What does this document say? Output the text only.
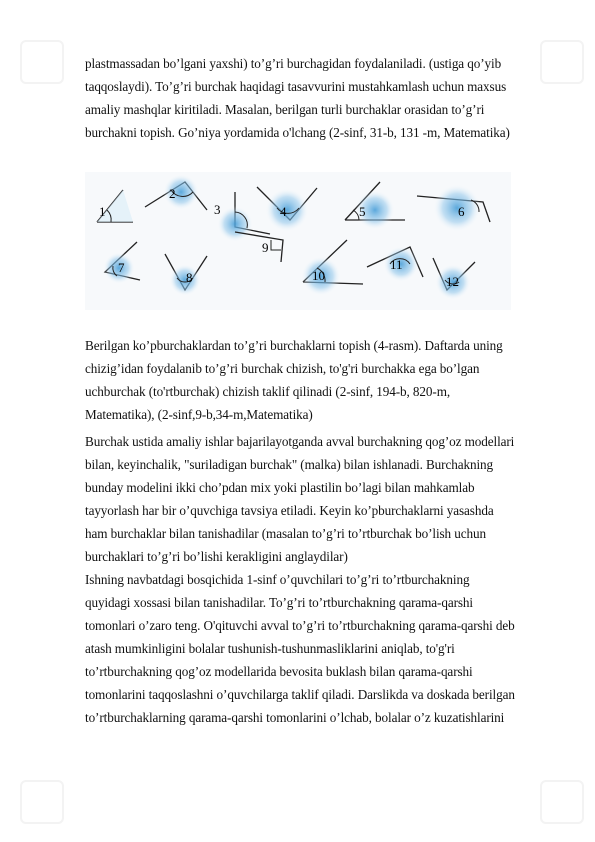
plastmassadan bo’lgani yaxshi) to’g’ri burchagidan foydalaniladi. (ustiga qo’yib
taqqoslaydi). To’g’ri burchak haqidagi tasavvurini mustahkamlash uchun maxsus
amaliy mashqlar kiritiladi. Masalan, berilgan turli burchaklar orasidan to’g’ri
burchakni topish. Go’niya yordamida o'lchang (2-sinf, 31-b, 131 -m, Matematika)

1
2
3	4	5	6
7
8
9
10
11
12

Berilgan ko’pburchaklardan to’g’ri burchaklarni topish (4-rasm). Daftarda uning
chizig’idan foydalanib to’g’ri burchak chizish, to'g'ri burchakka ega bo’lgan
uchburchak (to'rtburchak) chizish taklif qilinadi (2-sinf, 194-b, 820-m,
Matematika), (2-sinf,9-b,34-m,Matematika)

Burchak ustida amaliy ishlar bajarilayotganda avval burchakning qog’oz modellari
bilan, keyinchalik, "suriladigan burchak" (malka) bilan ishlanadi. Burchakning
bunday modelini ikki cho’pdan mix yoki plastilin bo’lagi bilan mahkamlab
tayyorlash har bir o’quvchiga tavsiya etiladi. Keyin ko’pburchaklarni yasashda
ham burchaklar bilan tanishadilar (masalan to’g’ri to’rtburchak bo’lish uchun
burchaklari to’g’ri bo’lishi kerakligini anglaydilar)
Ishning navbatdagi bosqichida 1-sinf o’quvchilari to’g’ri to’rtburchakning
quyidagi xossasi bilan tanishadilar. To’g’ri to’rtburchakning qarama-qarshi
tomonlari o’zaro teng. O'qituvchi avval to’g’ri to’rtburchakning qarama-qarshi deb
atash mumkinligini bolalar tushunish-tushunmasliklarini aniqlab, to'g'ri
to’rtburchakning qog’oz modellarida bevosita buklash bilan qarama-qarshi
tomonlarini taqqoslashni o’quvchilarga taklif qiladi. Darslikda va doskada berilgan
to’rtburchaklarning qarama-qarshi tomonlarini o’lchab, bolalar o’z kuzatishlarini
